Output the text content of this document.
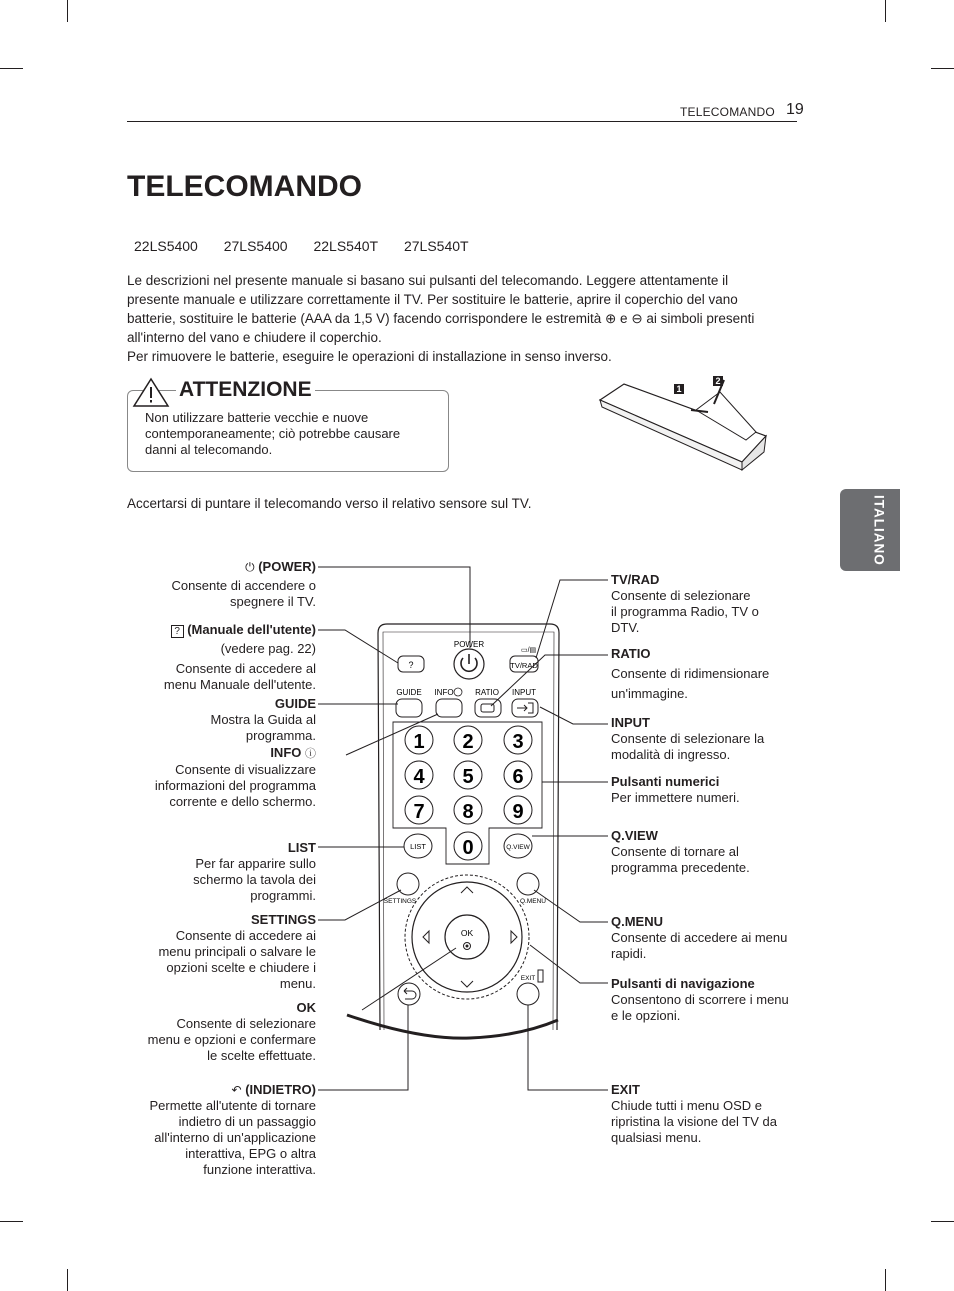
TELECOMANDO 19
TELECOMANDO
22LS5400 27LS5400 22LS540T 27LS540T
Le descrizioni nel presente manuale si basano sui pulsanti del telecomando. Leggere attentamente il
presente manuale e utilizzare correttamente il TV. Per sostituire le batterie, aprire il coperchio del vano
batterie, sostituire le batterie (AAA da 1,5 V) facendo corrispondere le estremità ⊕ e ⊖ ai simboli presenti
all'interno del vano e chiudere il coperchio.
Per rimuovere le batterie, eseguire le operazioni di installazione in senso inverso.
ATTENZIONE
Non utilizzare batterie vecchie e nuove
contemporaneamente; ciò potrebbe causare
danni al telecomando.
1
2
Accertarsi di puntare il telecomando verso il relativo sensore sul TV.	ITALIANO
?
POWER
▭/▤
TV/RAD
GUIDE INFO	RATIO INPUT
1 2 3
4 5 6
7 8 9
0
LIST	Q.VIEW
SETTINGS	Q.MENU
OK
EXIT
⏻ (POWER)
Consente di accendere o
spegnere il TV.
? (Manuale dell'utente)
(vedere pag. 22)
Consente di accedere al
menu Manuale dell'utente.
GUIDE
Mostra la Guida al
programma.
INFO ⓘ
Consente di visualizzare
informazioni del programma
corrente e dello schermo.
LIST
Per far apparire sullo
schermo la tavola dei
programmi.
SETTINGS
Consente di accedere ai
menu principali o salvare le
opzioni scelte e chiudere i
menu.
OK
Consente di selezionare
menu e opzioni e confermare
le scelte effettuate.
↶ (INDIETRO)
Permette all'utente di tornare
indietro di un passaggio
all'interno di un'applicazione
interattiva, EPG o altra
funzione interattiva.
TV/RAD
Consente di selezionare
il programma Radio, TV o
DTV.
RATIO
Consente di ridimensionare
un'immagine.
INPUT
Consente di selezionare la
modalità di ingresso.
Pulsanti numerici
Per immettere numeri.
Q.VIEW
Consente di tornare al
programma precedente.
Q.MENU
Consente di accedere ai menu
rapidi.
Pulsanti di navigazione
Consentono di scorrere i menu
e le opzioni.
EXIT
Chiude tutti i menu OSD e
ripristina la visione del TV da
qualsiasi menu.
